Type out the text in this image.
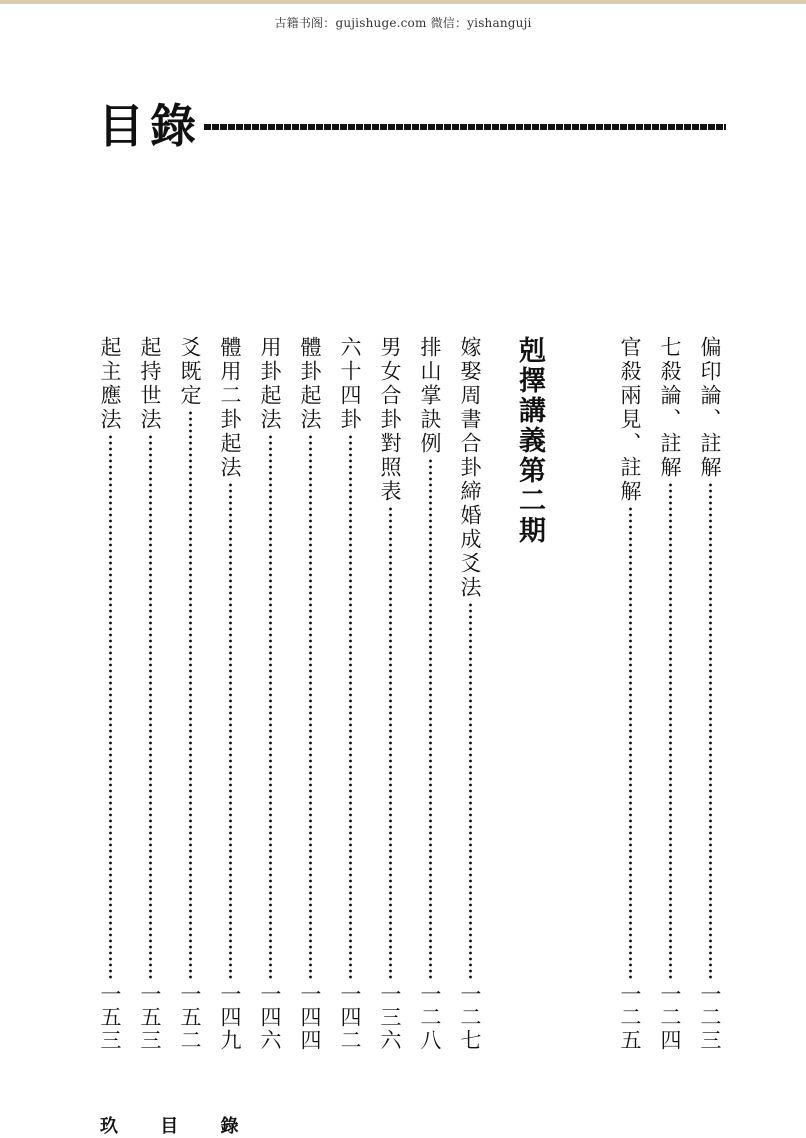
古籍书阁：gujishuge.com 微信：yishanguji
目錄
偏印論、註解
一二三
七殺論、註解
一二四
官殺兩見、註解
一二五
剋擇講義第二期
嫁娶周書合卦締婚成爻法
一二七
排山掌訣例
一二八
男女合卦對照表
一三六
六十四卦
一四二
體卦起法
一四四
用卦起法
一四六
體用二卦起法
一四九
爻既定
一五二
起持世法
一五三
起主應法
一五三
玖 目 錄
